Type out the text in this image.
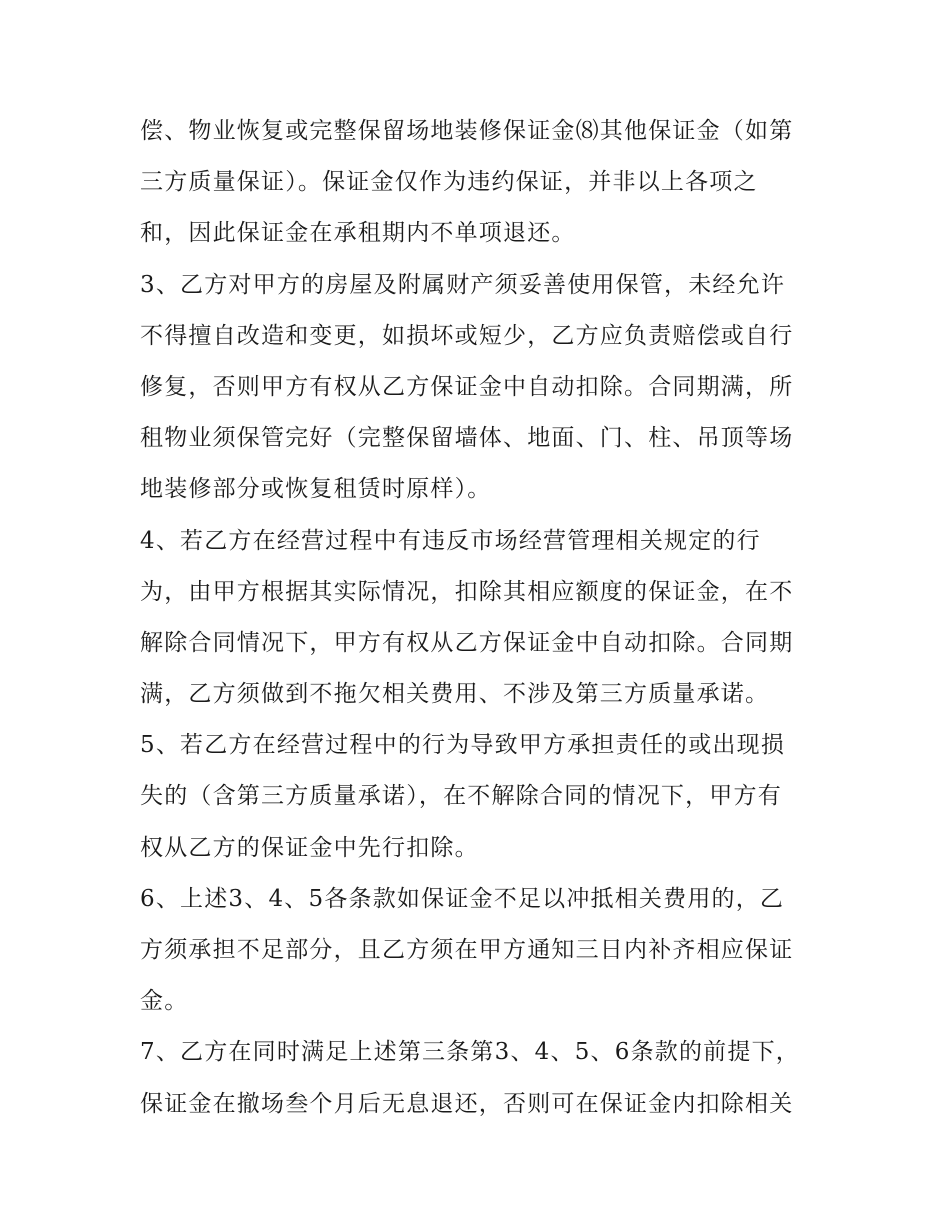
偿、物业恢复或完整保留场地装修保证金⑻其他保证金（如第
三方质量保证）。保证金仅作为违约保证，并非以上各项之
和，因此保证金在承租期内不单项退还。
3、乙方对甲方的房屋及附属财产须妥善使用保管，未经允许
不得擅自改造和变更，如损坏或短少，乙方应负责赔偿或自行
修复，否则甲方有权从乙方保证金中自动扣除。合同期满，所
租物业须保管完好（完整保留墙体、地面、门、柱、吊顶等场
地装修部分或恢复租赁时原样）。
4、若乙方在经营过程中有违反市场经营管理相关规定的行
为，由甲方根据其实际情况，扣除其相应额度的保证金，在不
解除合同情况下，甲方有权从乙方保证金中自动扣除。合同期
满，乙方须做到不拖欠相关费用、不涉及第三方质量承诺。
5、若乙方在经营过程中的行为导致甲方承担责任的或出现损
失的（含第三方质量承诺），在不解除合同的情况下，甲方有
权从乙方的保证金中先行扣除。
6、上述3、4、5各条款如保证金不足以冲抵相关费用的，乙
方须承担不足部分，且乙方须在甲方通知三日内补齐相应保证
金。
7、乙方在同时满足上述第三条第3、4、5、6条款的前提下，
保证金在撤场叁个月后无息退还，否则可在保证金内扣除相关
